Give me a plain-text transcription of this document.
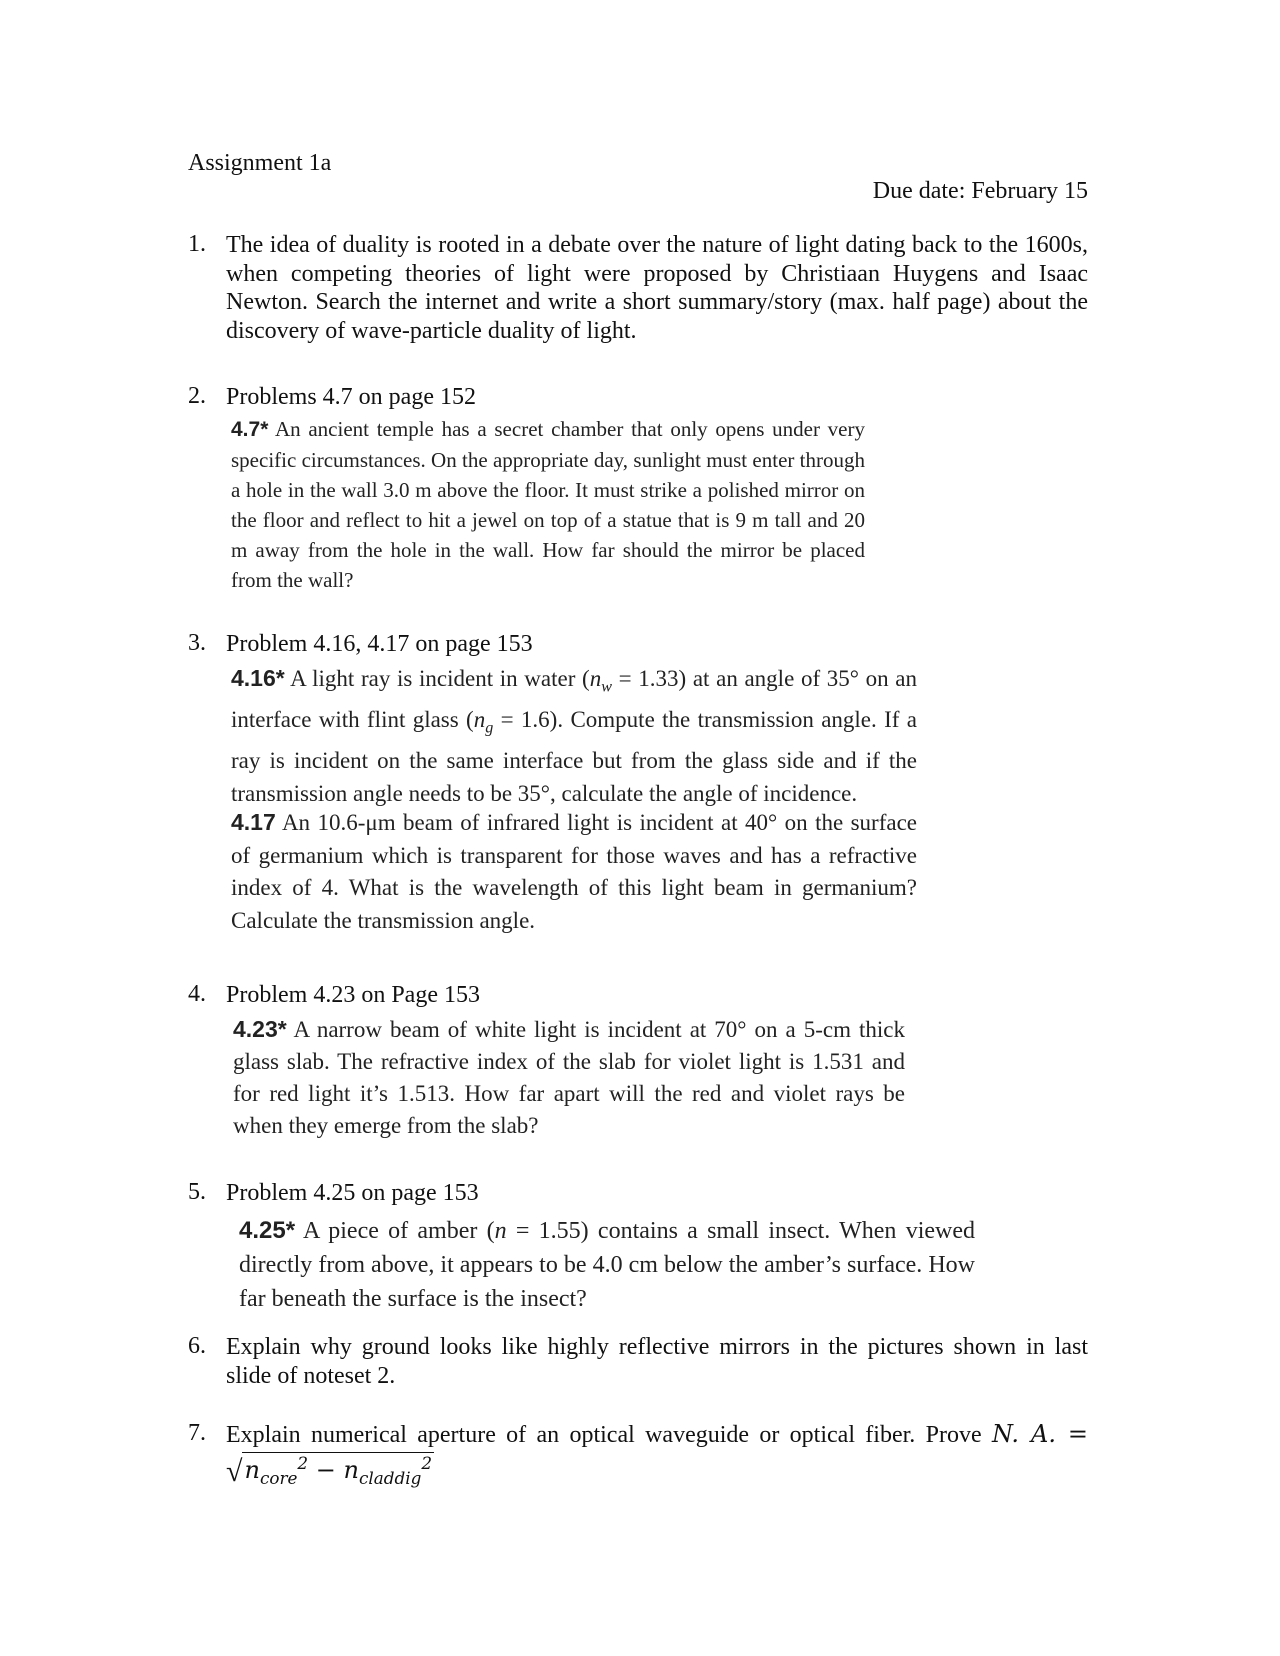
Assignment 1a
Due date: February 15
1. The idea of duality is rooted in a debate over the nature of light dating back to the 1600s, when competing theories of light were proposed by Christiaan Huygens and Isaac Newton. Search the internet and write a short summary/story (max. half page) about the discovery of wave-particle duality of light.
2. Problems 4.7 on page 152
4.7* An ancient temple has a secret chamber that only opens under very specific circumstances. On the appropriate day, sunlight must enter through a hole in the wall 3.0 m above the floor. It must strike a polished mirror on the floor and reflect to hit a jewel on top of a statue that is 9 m tall and 20 m away from the hole in the wall. How far should the mirror be placed from the wall?
3. Problem 4.16, 4.17 on page 153
4.16* A light ray is incident in water $(n_w = 1.33)$ at an angle of 35° on an interface with flint glass $(n_g = 1.6)$. Compute the transmission angle. If a ray is incident on the same interface but from the glass side and if the transmission angle needs to be 35°, calculate the angle of incidence.
4.17 An 10.6-μm beam of infrared light is incident at 40° on the surface of germanium which is transparent for those waves and has a refractive index of 4. What is the wavelength of this light beam in germanium? Calculate the transmission angle.
4. Problem 4.23 on Page 153
4.23* A narrow beam of white light is incident at 70° on a 5-cm thick glass slab. The refractive index of the slab for violet light is 1.531 and for red light it’s 1.513. How far apart will the red and violet rays be when they emerge from the slab?
5. Problem 4.25 on page 153
4.25* A piece of amber (n = 1.55) contains a small insect. When viewed directly from above, it appears to be 4.0 cm below the amber’s surface. How far beneath the surface is the insect?
6. Explain why ground looks like highly reflective mirrors in the pictures shown in last slide of noteset 2.
7. Explain numerical aperture of an optical waveguide or optical fiber. Prove N. A. =
$√n_{core}^2 - n_{claddig}^2$
